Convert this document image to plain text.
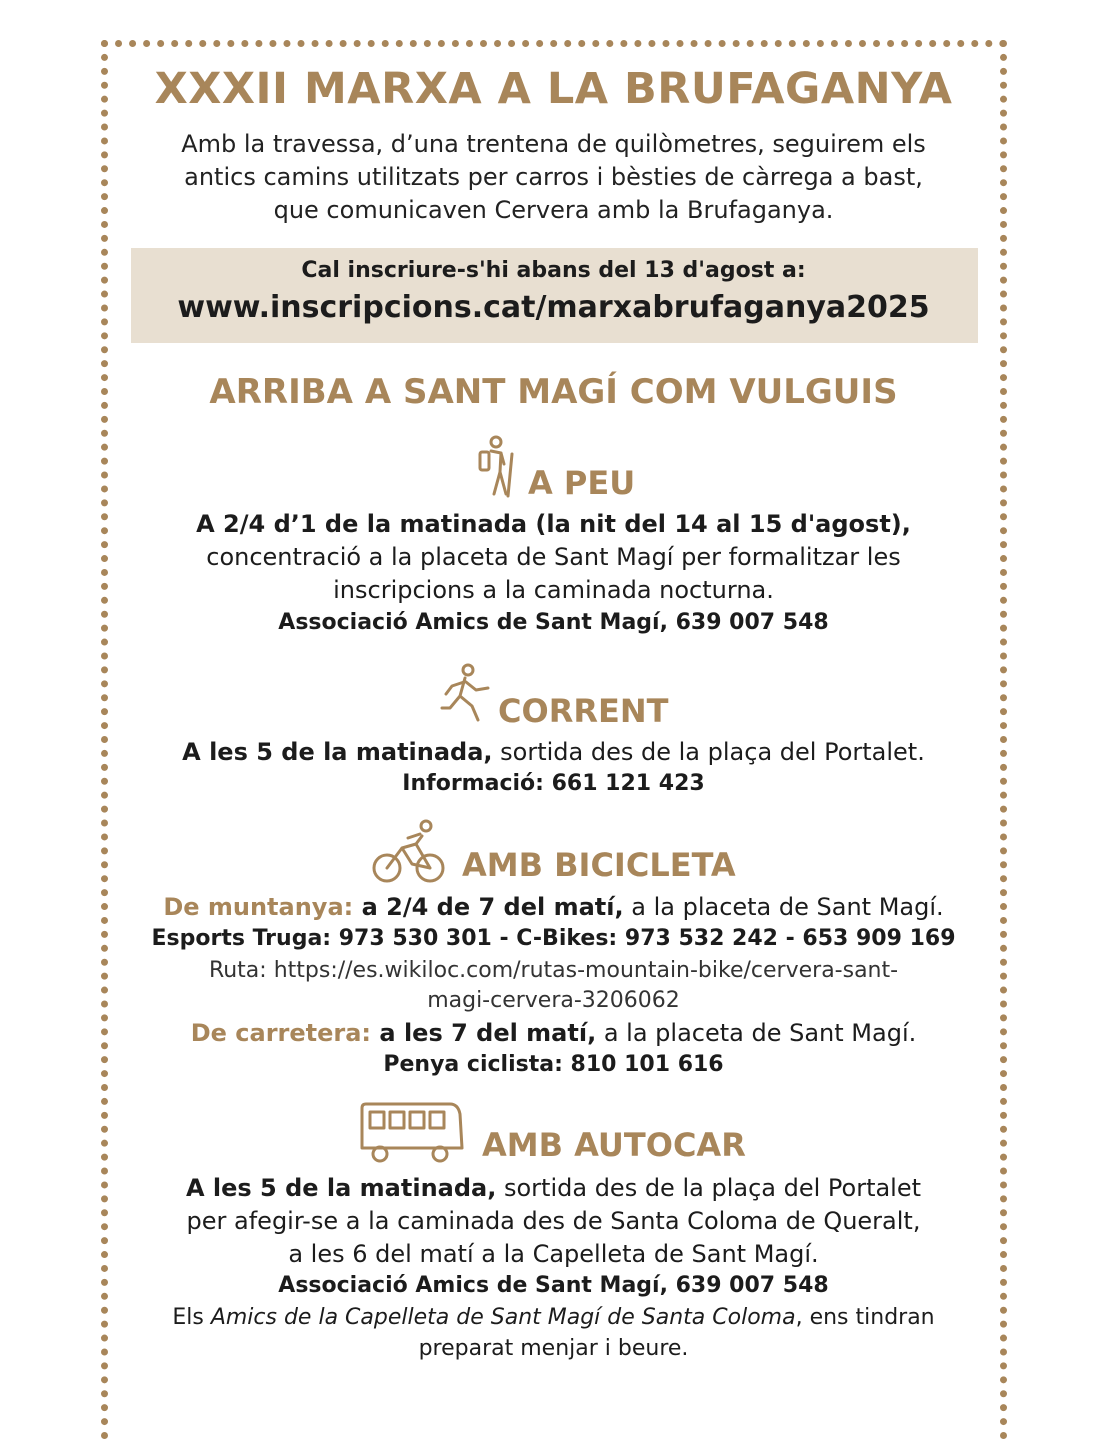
XXXII MARXA A LA BRUFAGANYA
Amb la travessa, d’una trentena de quilòmetres, seguirem els
antics camins utilitzats per carros i bèsties de càrrega a bast,
que comunicaven Cervera amb la Brufaganya.
Cal inscriure-s'hi abans del 13 d'agost a:
www.inscripcions.cat/marxabrufaganya2025
ARRIBA A SANT MAGÍ COM VULGUIS
A PEU
A 2/4 d’1 de la matinada (la nit del 14 al 15 d'agost),
concentració a la placeta de Sant Magí per formalitzar les
inscripcions a la caminada nocturna.
Associació Amics de Sant Magí, 639 007 548
CORRENT
A les 5 de la matinada, sortida des de la plaça del Portalet.
Informació: 661 121 423
AMB BICICLETA
De muntanya: a 2/4 de 7 del matí, a la placeta de Sant Magí.
Esports Truga: 973 530 301 - C-Bikes: 973 532 242 - 653 909 169
Ruta: https://es.wikiloc.com/rutas-mountain-bike/cervera-sant-
magi-cervera-3206062
De carretera: a les 7 del matí, a la placeta de Sant Magí.
Penya ciclista: 810 101 616
AMB AUTOCAR
A les 5 de la matinada, sortida des de la plaça del Portalet
per afegir-se a la caminada des de Santa Coloma de Queralt,
a les 6 del matí a la Capelleta de Sant Magí.
Associació Amics de Sant Magí, 639 007 548
Els Amics de la Capelleta de Sant Magí de Santa Coloma, ens tindran
preparat menjar i beure.
